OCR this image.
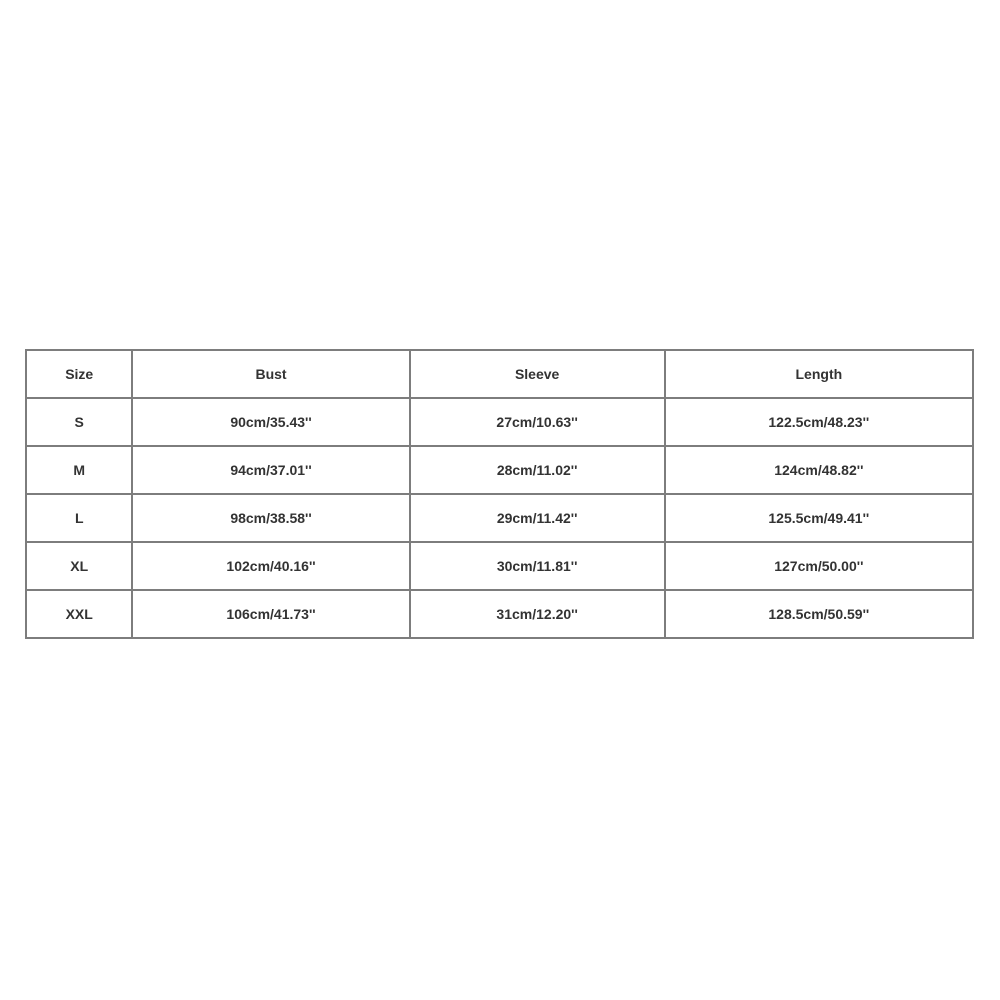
Size	Bust	Sleeve	Length
S	90cm/35.43''	27cm/10.63''	122.5cm/48.23''
M	94cm/37.01''	28cm/11.02''	124cm/48.82''
L	98cm/38.58''	29cm/11.42''	125.5cm/49.41''
XL	102cm/40.16''	30cm/11.81''	127cm/50.00''
XXL	106cm/41.73''	31cm/12.20''	128.5cm/50.59''
